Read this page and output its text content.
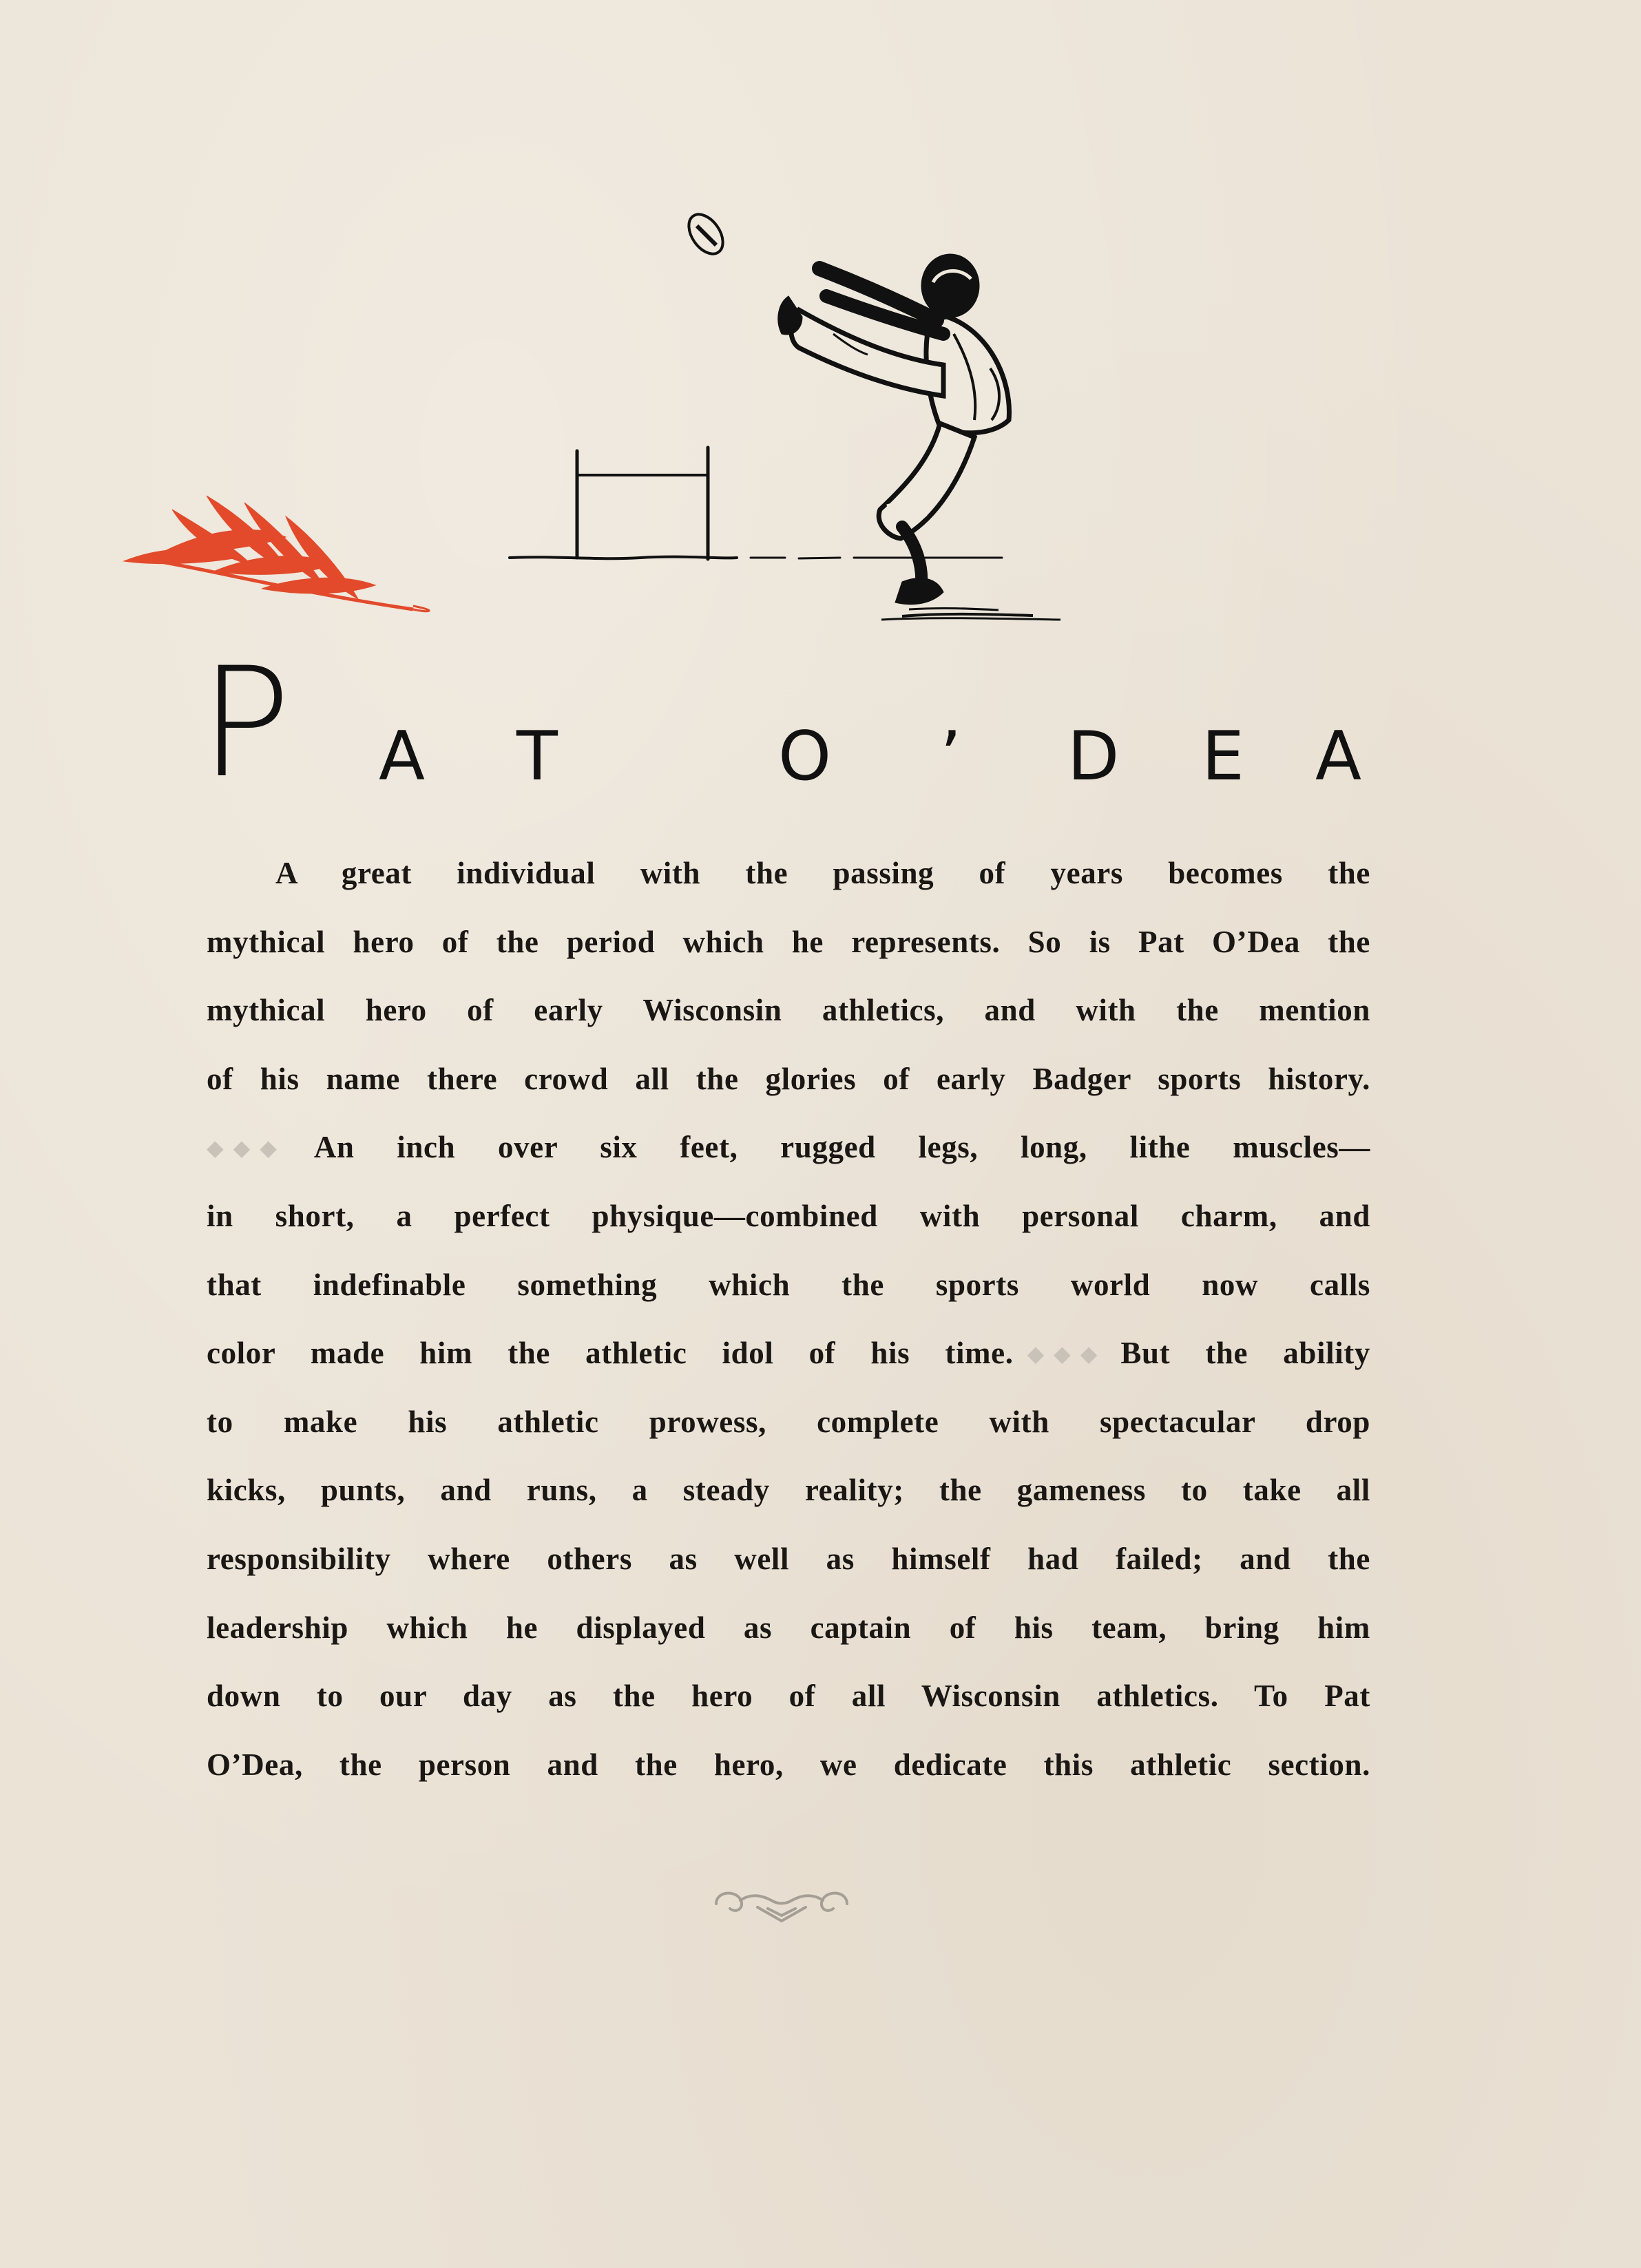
P A T	O ’ D E A
A great individual with the passing of years becomes the
mythical hero of the period which he represents. So is Pat O’Dea the
mythical hero of early Wisconsin athletics, and with the mention
of his name there crowd all the glories of early Badger sports history.
◆◆◆ An inch over six feet, rugged legs, long, lithe muscles—
in short, a perfect physique—combined with personal charm, and
that indefinable something which the sports world now calls
color made him the athletic idol of his time. ◆◆◆ But the ability
to make his athletic prowess, complete with spectacular drop
kicks, punts, and runs, a steady reality; the gameness to take all
responsibility where others as well as himself had failed; and the
leadership which he displayed as captain of his team, bring him
down to our day as the hero of all Wisconsin athletics. To Pat
O’Dea, the person and the hero, we dedicate this athletic section.
